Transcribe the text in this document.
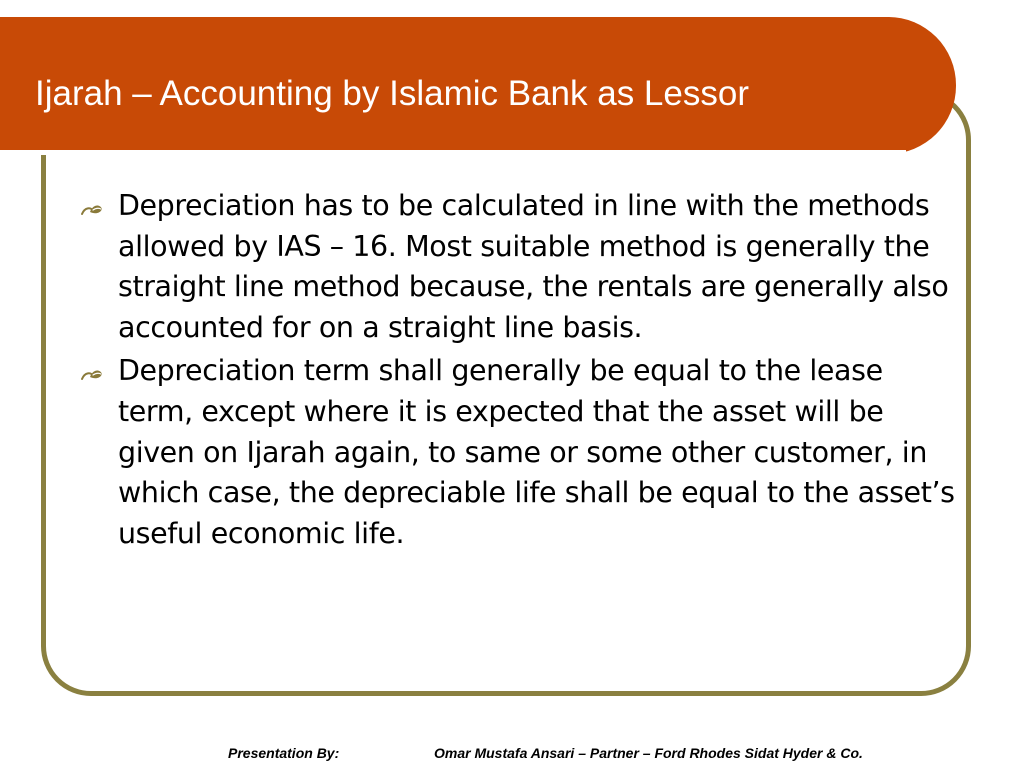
Ijarah – Accounting by Islamic Bank as Lessor
Depreciation has to be calculated in line with the methods allowed by IAS – 16. Most suitable method is generally the straight line method because, the rentals are generally also accounted for on a straight line basis.
Depreciation term shall generally be equal to the lease term, except where it is expected that the asset will be given on Ijarah again, to same or some other customer, in which case, the depreciable life shall be equal to the asset’s useful economic life.
Presentation By:	Omar Mustafa Ansari – Partner – Ford Rhodes Sidat Hyder & Co.
